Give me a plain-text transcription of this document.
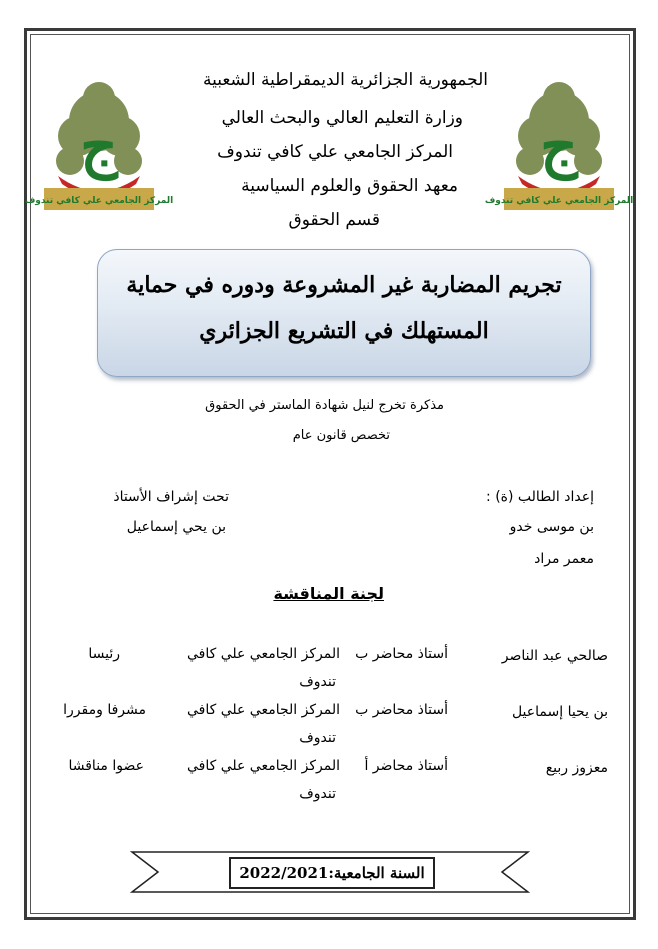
ج
المركز الجامعي علي كافي تندوف
ج
المركز الجامعي علي كافي تندوف
الجمهورية الجزائرية الديمقراطية الشعبية
وزارة التعليم العالي والبحث العالي
المركز الجامعي علي كافي تندوف
معهد الحقوق والعلوم السياسية
قسم الحقوق
تجريم المضاربة غير المشروعة ودوره في حماية
المستهلك في التشريع الجزائري
مذكرة تخرج لنيل شهادة الماستر في الحقوق
تخصص قانون عام
إعداد الطالب (ة) :
تحت إشراف الأستاذ
بن موسى خدو
بن يحي إسماعيل
معمر مراد
لجنة المناقشة
صالحي عبد الناصر
أستاذ محاضر ب
المركز الجامعي علي كافي
تندوف
رئيسا
بن يحيا إسماعيل
أستاذ محاضر ب
المركز الجامعي علي كافي
تندوف
مشرفا ومقررا
معزوز ربيع
أستاذ محاضر أ
المركز الجامعي علي كافي
تندوف
عضوا مناقشا
السنة الجامعية:2022/2021
